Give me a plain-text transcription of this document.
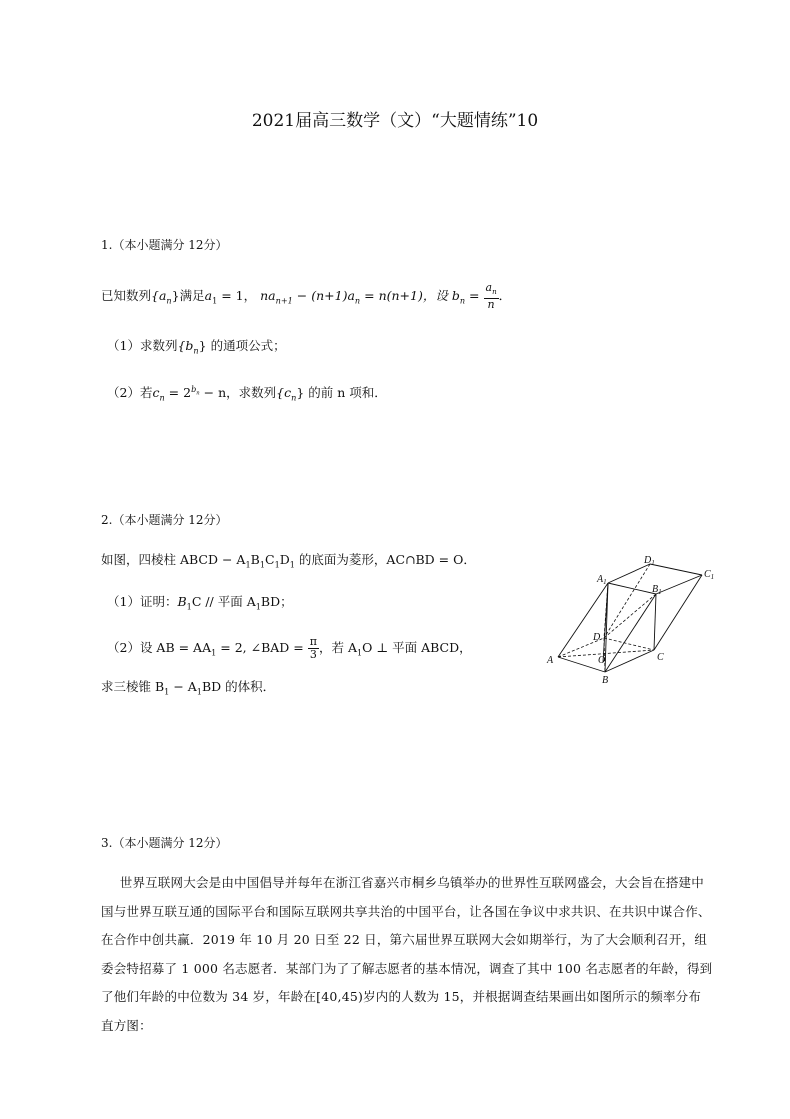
2021届高三数学（文）“大题情练”10
1.（本小题满分 12分）
已知数列$\{a_n\}$满足$a_1 = 1$， $na_{n+1} - (n+1)a_n = n(n+1)$，设 $b_n = \frac{a_n}{n}$ ．
（1）求数列$\{b_n\}$ 的通项公式；
（2）若$c_n = 2^{b_n} - n$，求数列$\{c_n\}$ 的前 n 项和．
2.（本小题满分 12分）
如图，四棱柱 ABCD − $A_1B_1C_1D_1$ 的底面为菱形，AC∩BD = O．
（1）证明：$B_1C$ // 平面 $A_1BD$；
（2）设 AB = $AA_1 = 2$, ∠BAD = $\frac{\pi}{3}$ ，若 $A_1O$ ⊥ 平面 ABCD，
求三棱锥 $B_1 - A_1BD$ 的体积．
$A_1$
$D_1$
$C_1$
$B_1$
D
A	O	C
B
3.（本小题满分 12分）
世界互联网大会是由中国倡导并每年在浙江省嘉兴市桐乡乌镇举办的世界性互联网盛会，大会旨在搭建中国与世界互联互通的国际平台和国际互联网共享共治的中国平台，让各国在争议中求共识、在共识中谋合作、在合作中创共赢．2019 年 10 月 20 日至 22 日，第六届世界互联网大会如期举行，为了大会顺利召开，组委会特招募了 1 000 名志愿者．某部门为了了解志愿者的基本情况，调查了其中 100 名志愿者的年龄，得到了他们年龄的中位数为 34 岁，年龄在[40,45)岁内的人数为 15，并根据调查结果画出如图所示的频率分布直方图：
